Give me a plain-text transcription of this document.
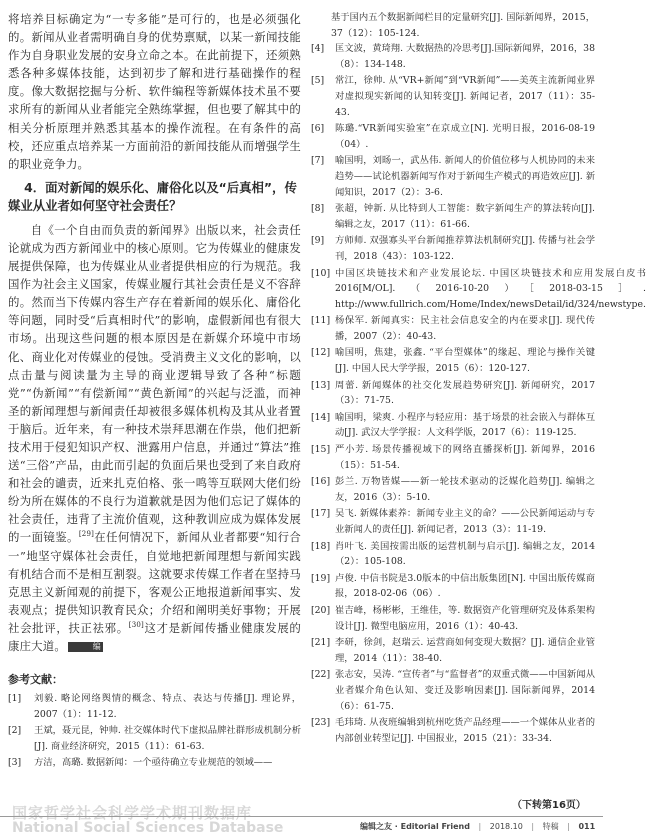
将培养目标确定为“一专多能”是可行的，也是必须强化的。新闻从业者需明确自身的优势禀赋，以某一新闻技能作为自身职业发展的安身立命之本。在此前提下，还须熟悉各种多媒体技能，达到初步了解和进行基础操作的程度。像大数据挖掘与分析、软件编程等新媒体技术虽不要求所有的新闻从业者能完全熟练掌握，但也要了解其中的相关分析原理并熟悉其基本的操作流程。在有条件的高校，还应重点培养某一方面前沿的新闻技能从而增强学生的职业竞争力。

4．面对新闻的娱乐化、庸俗化以及“后真相”，传媒业从业者如何坚守社会责任？

自《一个自由而负责的新闻界》出版以来，社会责任论就成为西方新闻业中的核心原则。它为传媒业的健康发展提供保障，也为传媒业从业者提供相应的行为规范。我国作为社会主义国家，传媒业履行其社会责任是义不容辞的。然而当下传媒内容生产存在着新闻的娱乐化、庸俗化等问题，同时受“后真相时代”的影响，虚假新闻也有很大市场。出现这些问题的根本原因是在新媒介环境中市场化、商业化对传媒业的侵蚀。受消费主义文化的影响，以点击量与阅读量为主导的商业逻辑导致了各种“标题党”“伪新闻”“有偿新闻”“黄色新闻”的兴起与泛滥，而神圣的新闻理想与新闻责任却被很多媒体机构及其从业者置于脑后。近年来，有一种技术崇拜思潮在作祟，他们把新技术用于侵犯知识产权、泄露用户信息，并通过“算法”推送“三俗”产品，由此而引起的负面后果也受到了来自政府和社会的谴责，近来扎克伯格、张一鸣等互联网大佬们纷纷为所在媒体的不良行为道歉就是因为他们忘记了媒体的社会责任，违背了主流价值观，这种教训应成为媒体发展的一面镜鉴。[29]在任何情况下，新闻从业者都要“知行合一”地坚守媒体社会责任，自觉地把新闻理想与新闻实践有机结合而不是相互割裂。这就要求传媒工作者在坚持马克思主义新闻观的前提下，客观公正地报道新闻事实、发表观点；提供知识教育民众；介绍和阐明美好事物；开展社会批评，扶正祛邪。[30]这才是新闻传播业健康发展的康庄大道。	编

参考文献：
[1]	刘毅. 略论网络舆情的概念、特点、表达与传播[J]. 理论界，2007（1）：11-12.
[2]	王斌，聂元昆，钟帅. 社交媒体时代下虚拟品牌社群形成机制分析[J]. 商业经济研究，2015（11）：61-63.
[3]	方洁，高璐. 数据新闻：一个亟待确立专业规范的领域——
基于国内五个数据新闻栏目的定量研究[J]. 国际新闻界，2015，37（12）：105-124.
[4]	匡文波，黄琦翔. 大数据热的冷思考[J].国际新闻界，2016，38（8）：134-148.
[5]	常江，徐帅. 从“VR+新闻”到“VR新闻”——美英主流新闻业界对虚拟现实新闻的认知转变[J]. 新闻记者，2017（11）：35-43.
[6]	陈璐.“VR新闻实验室”在京成立[N]. 光明日报，2016-08-19（04）.
[7]	喻国明，刘旸一，武丛伟. 新闻人的价值位移与人机协同的未来趋势——试论机器新闻写作对于新闻生产模式的再造效应[J]. 新闻知识，2017（2）：3-6.
[8]	张超，钟新. 从比特到人工智能：数字新闻生产的算法转向[J]. 编辑之友，2017（11）：61-66.
[9]	方师师. 双强寡头平台新闻推荐算法机制研究[J]. 传播与社会学刊，2018（43）：103-122.
[10] 中国区块链技术和产业发展论坛. 中国区块链技术和应用发展白皮书2016[M/OL].（2016-10-20）［2018-03-15］. http://www.fullrich.com/Home/Index/newsDetail/id/324/newstype.
[11] 杨保军. 新闻真实：民主社会信息安全的内在要求[J]. 现代传播，2007（2）：40-43.
[12] 喻国明，焦建，张鑫. “平台型媒体”的缘起、理论与操作关键[J]. 中国人民大学学报，2015（6）：120-127.
[13] 周蕾. 新闻媒体的社交化发展趋势研究[J]. 新闻研究，2017（3）：71-75.
[14] 喻国明，梁爽. 小程序与轻应用：基于场景的社会嵌入与群体互动[J]. 武汉大学学报：人文科学版，2017（6）：119-125.
[15] 严小芳. 场景传播视域下的网络直播探析[J]. 新闻界，2016（15）：51-54.
[16] 彭兰. 万物皆媒——新一轮技术驱动的泛媒化趋势[J]. 编辑之友，2016（3）：5-10.
[17] 吴飞. 新媒体素养：新闻专业主义的命？——公民新闻运动与专业新闻人的责任[J]. 新闻记者，2013（3）：11-19.
[18] 肖叶飞. 美国按需出版的运营机制与启示[J]. 编辑之友，2014（2）：105-108.
[19] 卢俊. 中信书院是3.0版本的中信出版集团[N]. 中国出版传媒商报，2018-02-06（06）.
[20] 崔吉峰，杨彬彬，王维佳，等. 数据资产化管理研究及体系架构设计[J]. 微型电脑应用，2016（1）：40-43.
[21] 李研，徐剑，赵瑞云. 运营商如何变现大数据？[J]. 通信企业管理，2014（11）：38-40.
[22] 张志安，吴涛. “宣传者”与“监督者”的双重式微——中国新闻从业者媒介角色认知、变迁及影响因素[J]. 国际新闻界，2014（6）：61-75.
[23] 毛玮琦. 从夜班编辑到杭州吃货产品经理——一个媒体从业者的内部创业转型记[J]. 中国报业，2015（21）：33-34.
（下转第16页）
国家哲学社会科学学术期刊数据库
National Social Sciences Database	编辑之友 · Editorial Friend | 2018.10 | 特稿 | 011
